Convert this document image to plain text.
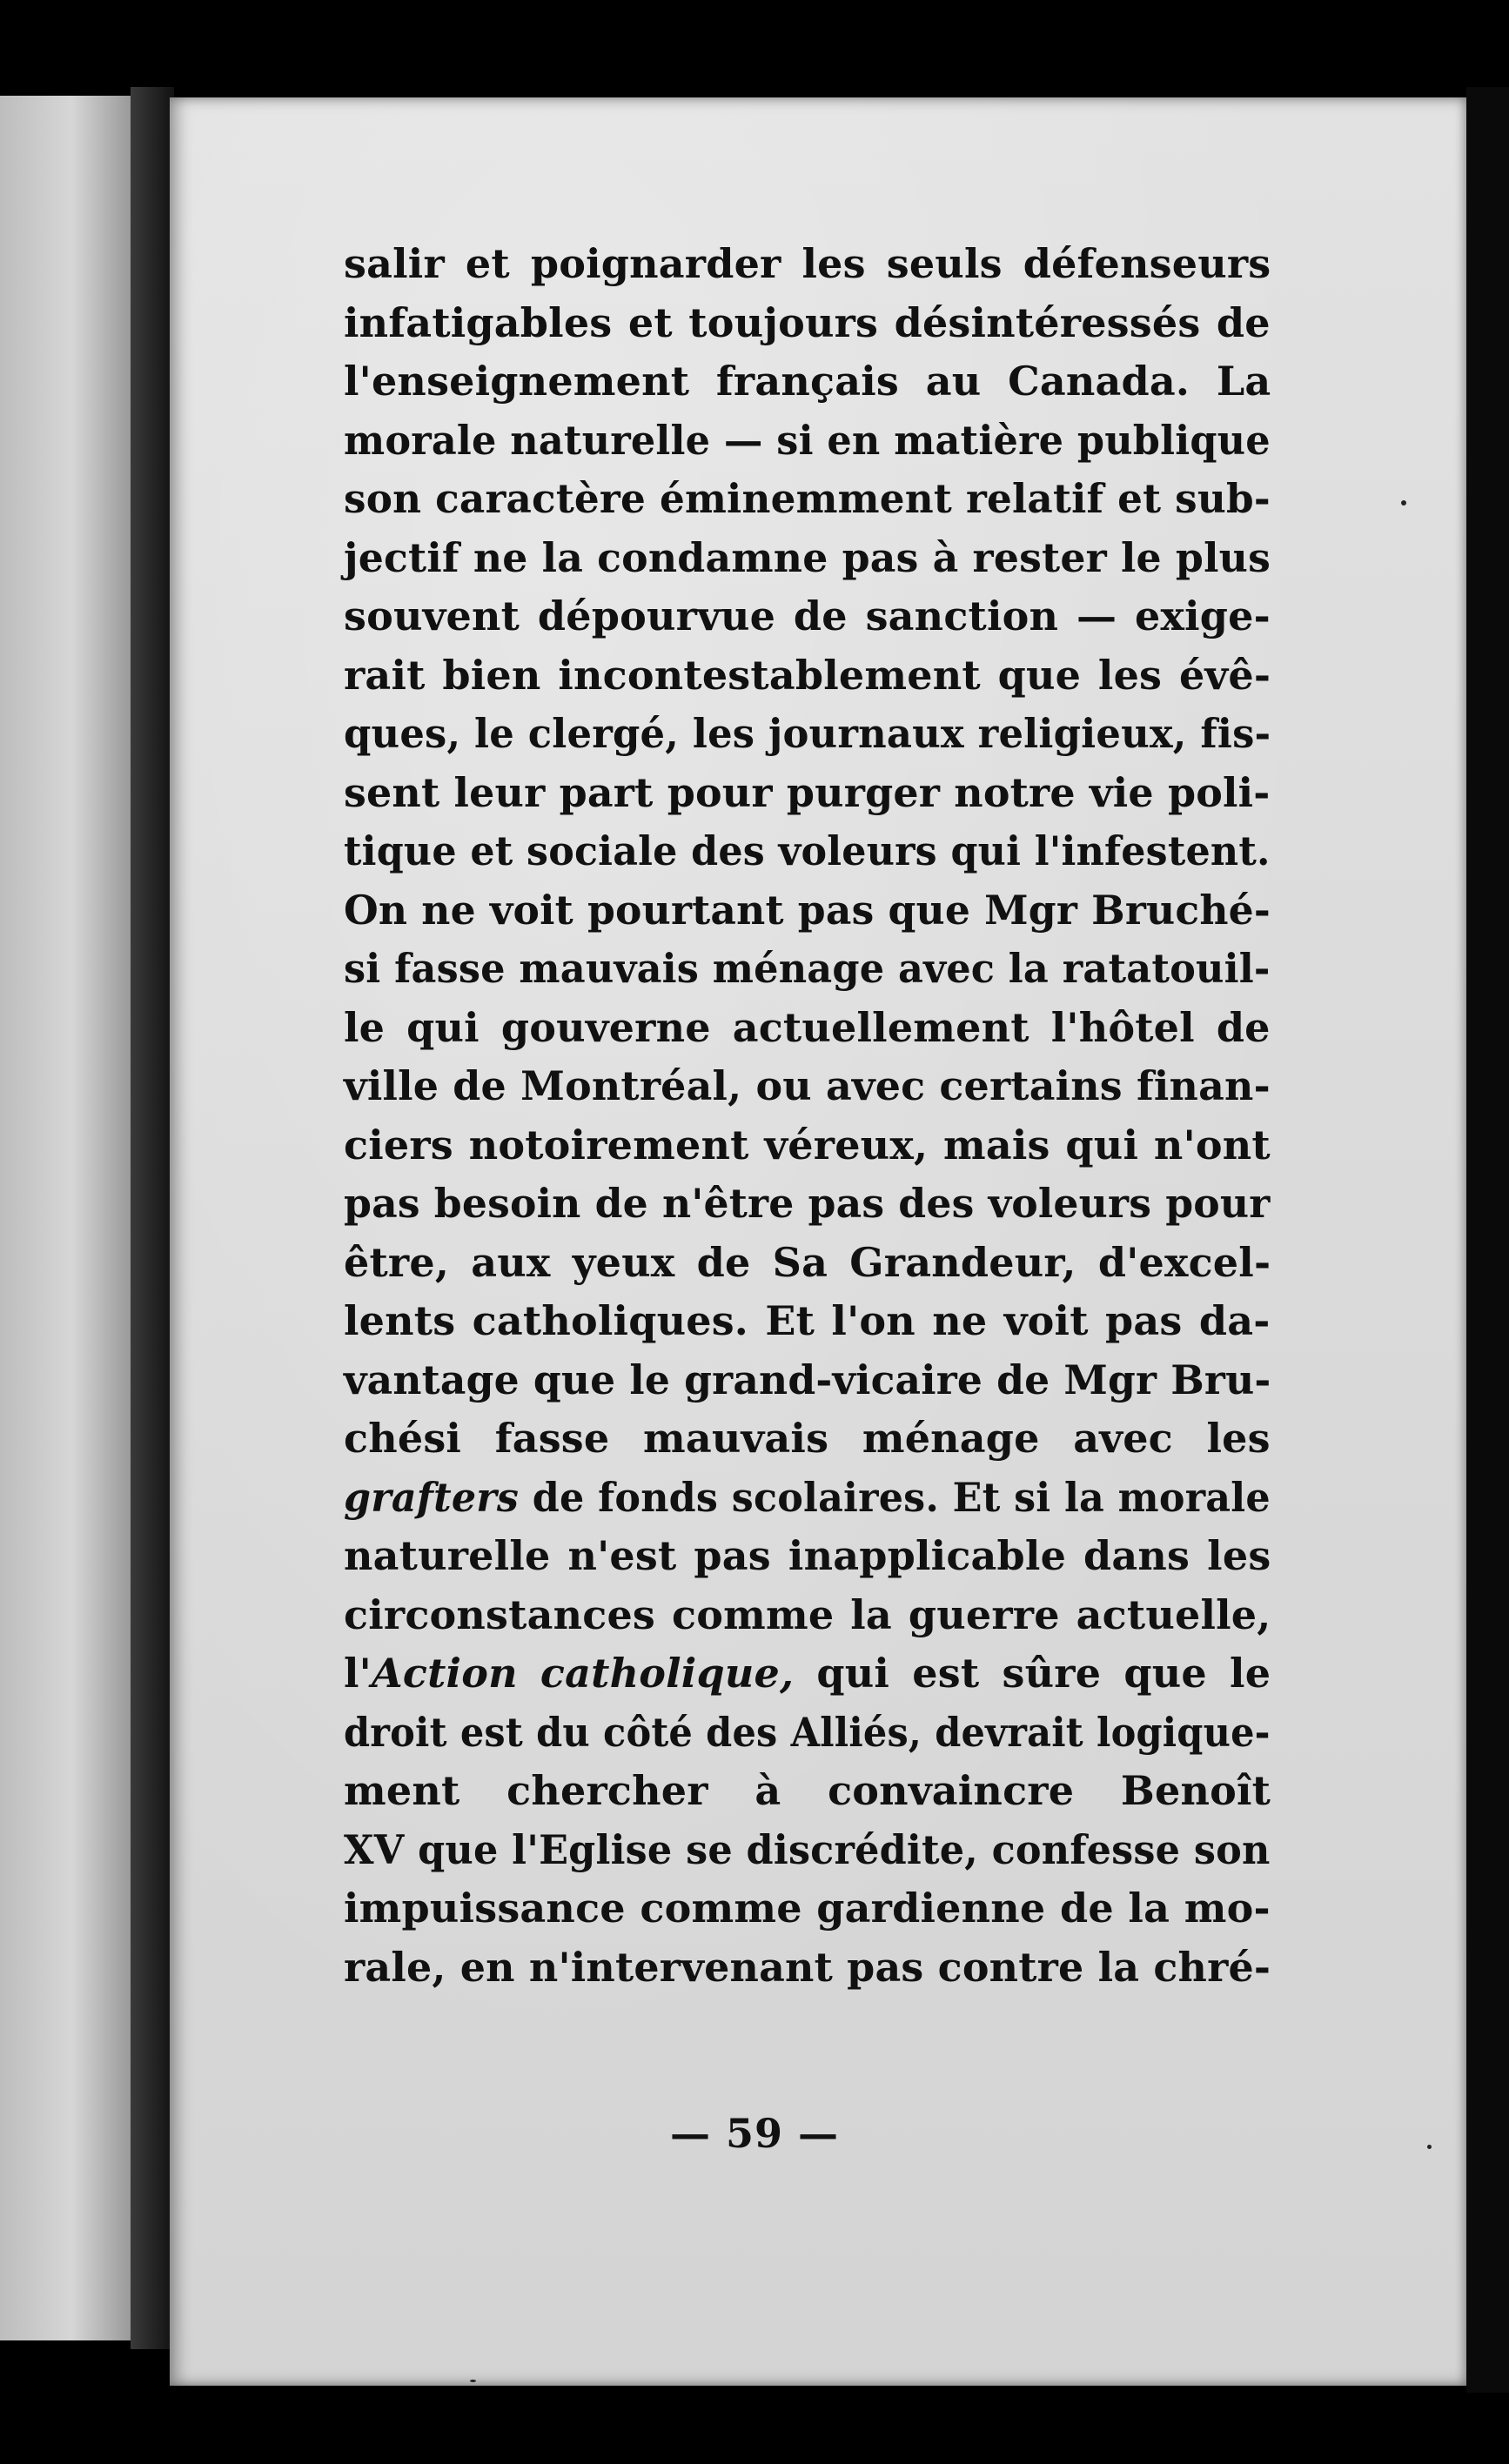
salir et poignarder les seuls défenseurs
infatigables et toujours désintéressés de
l'enseignement français au Canada. La
morale naturelle — si en matière publique
son caractère éminemment relatif et sub-
jectif ne la condamne pas à rester le plus
souvent dépourvue de sanction — exige-
rait bien incontestablement que les évê-
ques, le clergé, les journaux religieux, fis-
sent leur part pour purger notre vie poli-
tique et sociale des voleurs qui l'infestent.
On ne voit pourtant pas que Mgr Bruché-
si fasse mauvais ménage avec la ratatouil-
le qui gouverne actuellement l'hôtel de
ville de Montréal, ou avec certains finan-
ciers notoirement véreux, mais qui n'ont
pas besoin de n'être pas des voleurs pour
être, aux yeux de Sa Grandeur, d'excel-
lents catholiques. Et l'on ne voit pas da-
vantage que le grand-vicaire de Mgr Bru-
chési fasse mauvais ménage avec les
grafters de fonds scolaires. Et si la morale
naturelle n'est pas inapplicable dans les
circonstances comme la guerre actuelle,
l'Action catholique, qui est sûre que le
droit est du côté des Alliés, devrait logique-
ment chercher à convaincre Benoît
XV que l'Eglise se discrédite, confesse son
impuissance comme gardienne de la mo-
rale, en n'intervenant pas contre la chré-
— 59 —
